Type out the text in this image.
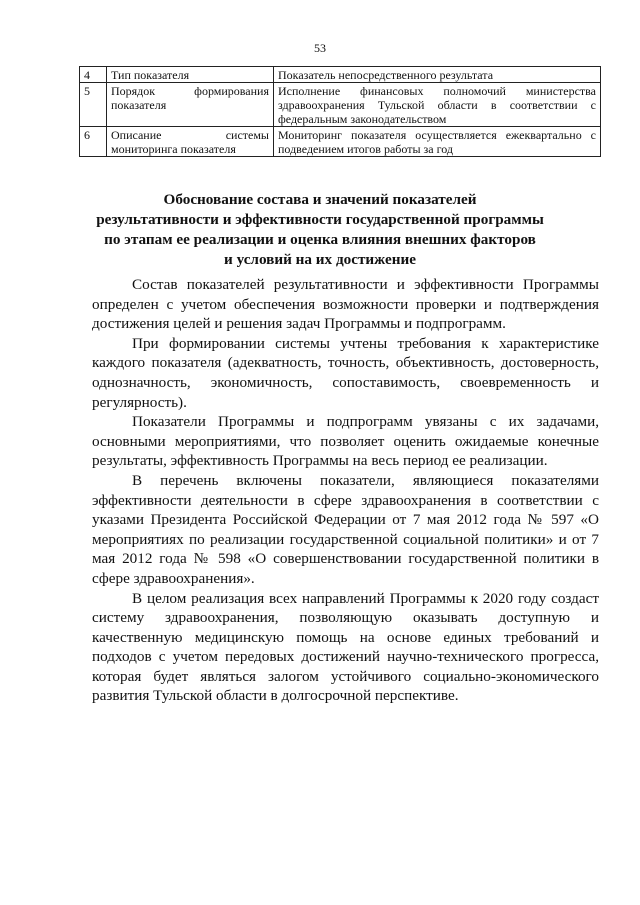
53
4	Тип показателя	Показатель непосредственного результата
5	Порядок формирования показателя	Исполнение финансовых полномочий министерства здравоохранения Тульской области в соответствии с федеральным законодательством
6	Описание системы мониторинга показателя	Мониторинг показателя осуществляется ежеквартально с подведением итогов работы за год
Обоснование состава и значений показателей
результативности и эффективности государственной программы
по этапам ее реализации и оценка влияния внешних факторов
и условий на их достижение

Состав показателей результативности и эффективности Программы определен с учетом обеспечения возможности проверки и подтверждения достижения целей и решения задач Программы и подпрограмм.

При формировании системы учтены требования к характеристике каждого показателя (адекватность, точность, объективность, достоверность, однозначность, экономичность, сопоставимость, своевременность и регулярность).

Показатели Программы и подпрограмм увязаны с их задачами, основными мероприятиями, что позволяет оценить ожидаемые конечные результаты, эффективность Программы на весь период ее реализации.

В перечень включены показатели, являющиеся показателями эффективности деятельности в сфере здравоохранения в соответствии с указами Президента Российской Федерации от 7 мая 2012 года № 597 «О мероприятиях по реализации государственной социальной политики» и от 7 мая 2012 года № 598 «О совершенствовании государственной политики в сфере здравоохранения».

В целом реализация всех направлений Программы к 2020 году создаст систему здравоохранения, позволяющую оказывать доступную и качественную медицинскую помощь на основе единых требований и подходов с учетом передовых достижений научно-технического прогресса, которая будет являться залогом устойчивого социально-экономического развития Тульской области в долгосрочной перспективе.
